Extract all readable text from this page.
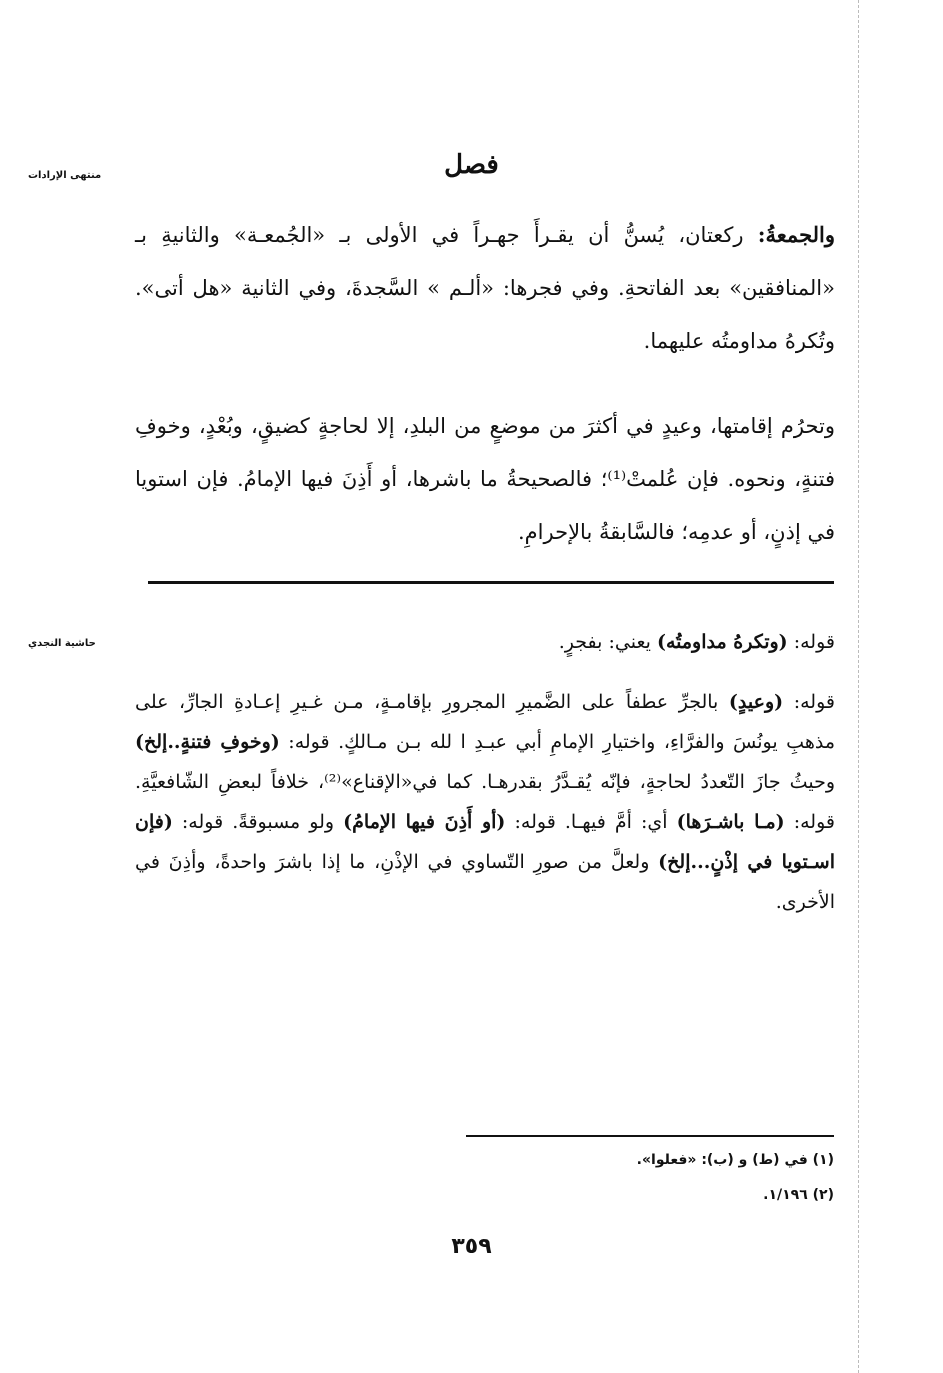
منتهى الإرادات
حاشية النجدي
فصل
والجمعةُ: ركعتان، يُسنُّ أن يقـرأَ جهـراً في الأولى بـ «الجُمعـة» والثانيةِ بـ «المنافقين» بعد الفاتحةِ. وفي فجرها: «ألـم » السَّجدةَ، وفي الثانية «هل أتى». وتُكرهُ مداومتُه عليهما.
وتحرُم إقامتها، وعيدٍ في أكثرَ من موضعٍ من البلدِ، إلا لحاجةٍ كضيقٍ، وبُعْدٍ، وخوفِ فتنةٍ، ونحوه. فإن عُلمتْ⁽¹⁾؛ فالصحيحةُ ما باشرها، أو أَذِنَ فيها الإمامُ. فإن استويا في إذنٍ، أو عدمِه؛ فالسَّابقةُ بالإحرامِ.
قوله: (وتكرهُ مداومتُه) يعني: بفجرٍ.
قوله: (وعيدٍ) بالجرِّ عطفاً على الضَّميرِ المجرورِ بإقامـةٍ، مـن غـيرِ إعـادةِ الجارِّ، على مذهبِ يونُسَ والفرَّاءِ، واختيارِ الإمامِ أبي عبـدِ ا لله بـن مـالكٍ. قوله: (وخوفِ فتنةٍ..إلخ) وحيثُ جازَ التّعددُ لحاجةٍ، فإنّه يُقـدَّرُ بقدرهـا. كما في«الإقناع»⁽²⁾، خلافاً لبعضِ الشّافعيَّةِ. قوله: (مـا باشـرَها) أي: أمَّ فيهـا. قوله: (أو أَذِنَ فيها الإمامُ) ولو مسبوقةً. قوله: (فإن اسـتويا في إذْنٍ...إلخ) ولعلَّ من صورِ التّساوي في الإذْنِ، ما إذا باشرَ واحدةً، وأذِنَ في الأخرى.
(١) في (ط) و (ب): «فعلوا».
(٢) ١/١٩٦.
٣٥٩
